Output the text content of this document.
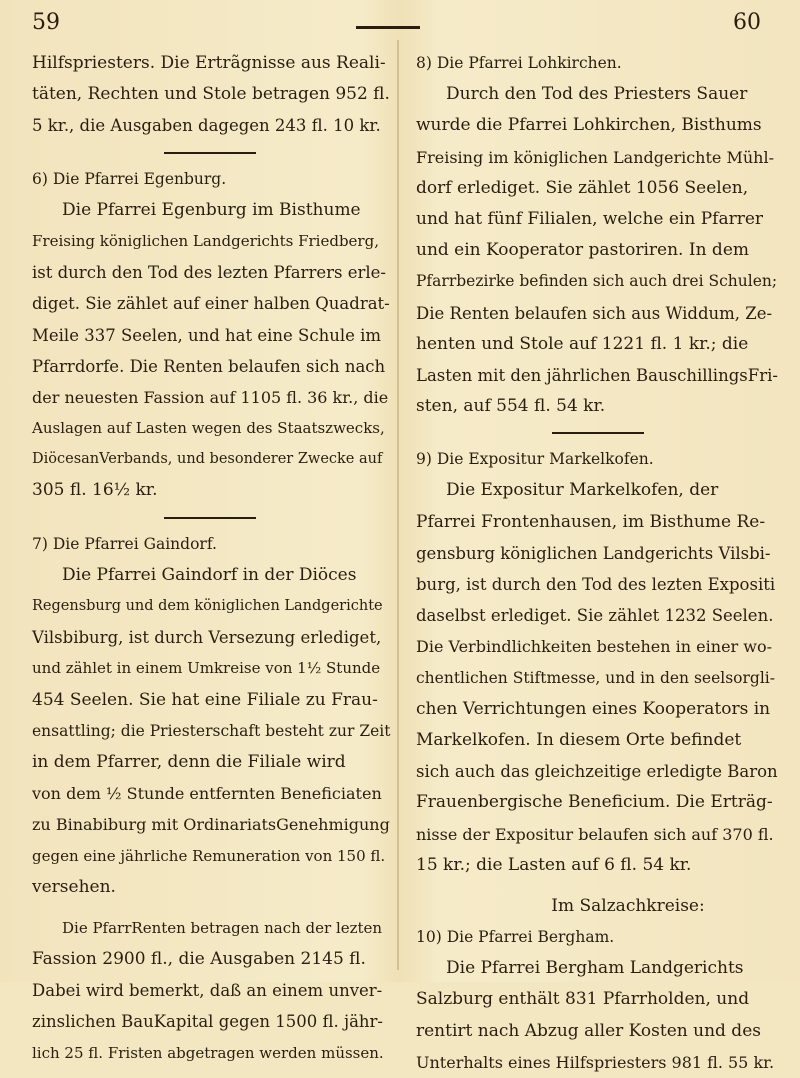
59	60
Hilfspriesters. Die Ertrãgnisse aus Reali-
täten, Rechten und Stole betragen 952 fl.
5 kr., die Ausgaben dagegen 243 fl. 10 kr.
6) Die Pfarrei Egenburg.
Die Pfarrei Egenburg im Bisthume
Freising königlichen Landgerichts Friedberg,
ist durch den Tod des lezten Pfarrers erle-
diget. Sie zählet auf einer halben Quadrat-
Meile 337 Seelen, und hat eine Schule im
Pfarrdorfe. Die Renten belaufen sich nach
der neuesten Fassion auf 1105 fl. 36 kr., die
Auslagen auf Lasten wegen des Staatszwecks,
DiöcesanVerbands, und besonderer Zwecke auf
305 fl. 16½ kr.
7) Die Pfarrei Gaindorf.
Die Pfarrei Gaindorf in der Diöces
Regensburg und dem königlichen Landgerichte
Vilsbiburg, ist durch Versezung erlediget,
und zählet in einem Umkreise von 1½ Stunde
454 Seelen. Sie hat eine Filiale zu Frau-
ensattling; die Priesterschaft besteht zur Zeit
in dem Pfarrer, denn die Filiale wird
von dem ½ Stunde entfernten Beneficiaten
zu Binabiburg mit OrdinariatsGenehmigung
gegen eine jährliche Remuneration von 150 fl.
versehen.
Die PfarrRenten betragen nach der lezten
Fassion 2900 fl., die Ausgaben 2145 fl.
Dabei wird bemerkt, daß an einem unver-
zinslichen BauKapital gegen 1500 fl. jähr-
lich 25 fl. Fristen abgetragen werden müssen.
8) Die Pfarrei Lohkirchen.
Durch den Tod des Priesters Sauer
wurde die Pfarrei Lohkirchen, Bisthums
Freising im königlichen Landgerichte Mühl-
dorf erlediget. Sie zählet 1056 Seelen,
und hat fünf Filialen, welche ein Pfarrer
und ein Kooperator pastoriren. In dem
Pfarrbezirke befinden sich auch drei Schulen;
Die Renten belaufen sich aus Widdum, Ze-
henten und Stole auf 1221 fl. 1 kr.; die
Lasten mit den jährlichen BauschillingsFri-
sten, auf 554 fl. 54 kr.
9) Die Expositur Markelkofen.
Die Expositur Markelkofen, der
Pfarrei Frontenhausen, im Bisthume Re-
gensburg königlichen Landgerichts Vilsbi-
burg, ist durch den Tod des lezten Expositi
daselbst erlediget. Sie zählet 1232 Seelen.
Die Verbindlichkeiten bestehen in einer wo-
chentlichen Stiftmesse, und in den seelsorgli-
chen Verrichtungen eines Kooperators in
Markelkofen. In diesem Orte befindet
sich auch das gleichzeitige erledigte Baron
Frauenbergische Beneficium. Die Erträg-
nisse der Expositur belaufen sich auf 370 fl.
15 kr.; die Lasten auf 6 fl. 54 kr.
Im Salzachkreise:
10) Die Pfarrei Bergham.
Die Pfarrei Bergham Landgerichts
Salzburg enthält 831 Pfarrholden, und
rentirt nach Abzug aller Kosten und des
Unterhalts eines Hilfspriesters 981 fl. 55 kr.
